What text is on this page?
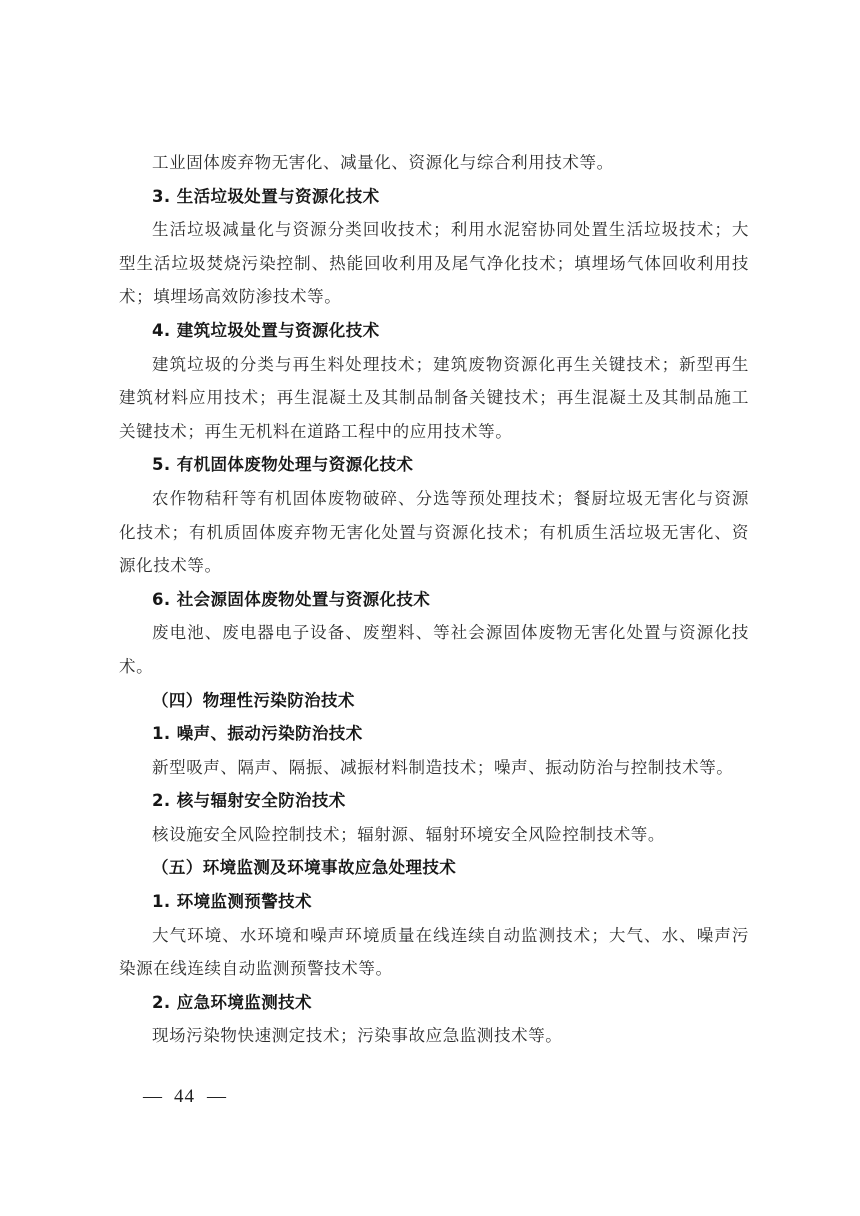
工业固体废弃物无害化、减量化、资源化与综合利用技术等。

3. 生活垃圾处置与资源化技术

生活垃圾减量化与资源分类回收技术；利用水泥窑协同处置生活垃圾技术；大型生活垃圾焚烧污染控制、热能回收利用及尾气净化技术；填埋场气体回收利用技术；填埋场高效防渗技术等。

4. 建筑垃圾处置与资源化技术

建筑垃圾的分类与再生料处理技术；建筑废物资源化再生关键技术；新型再生建筑材料应用技术；再生混凝土及其制品制备关键技术；再生混凝土及其制品施工关键技术；再生无机料在道路工程中的应用技术等。

5. 有机固体废物处理与资源化技术

农作物秸秆等有机固体废物破碎、分选等预处理技术；餐厨垃圾无害化与资源化技术；有机质固体废弃物无害化处置与资源化技术；有机质生活垃圾无害化、资源化技术等。

6. 社会源固体废物处置与资源化技术

废电池、废电器电子设备、废塑料、等社会源固体废物无害化处置与资源化技术。

（四）物理性污染防治技术
1. 噪声、振动污染防治技术

新型吸声、隔声、隔振、减振材料制造技术；噪声、振动防治与控制技术等。

2. 核与辐射安全防治技术

核设施安全风险控制技术；辐射源、辐射环境安全风险控制技术等。

（五）环境监测及环境事故应急处理技术
1. 环境监测预警技术

大气环境、水环境和噪声环境质量在线连续自动监测技术；大气、水、噪声污染源在线连续自动监测预警技术等。

2. 应急环境监测技术

现场污染物快速测定技术；污染事故应急监测技术等。

— 44 —
